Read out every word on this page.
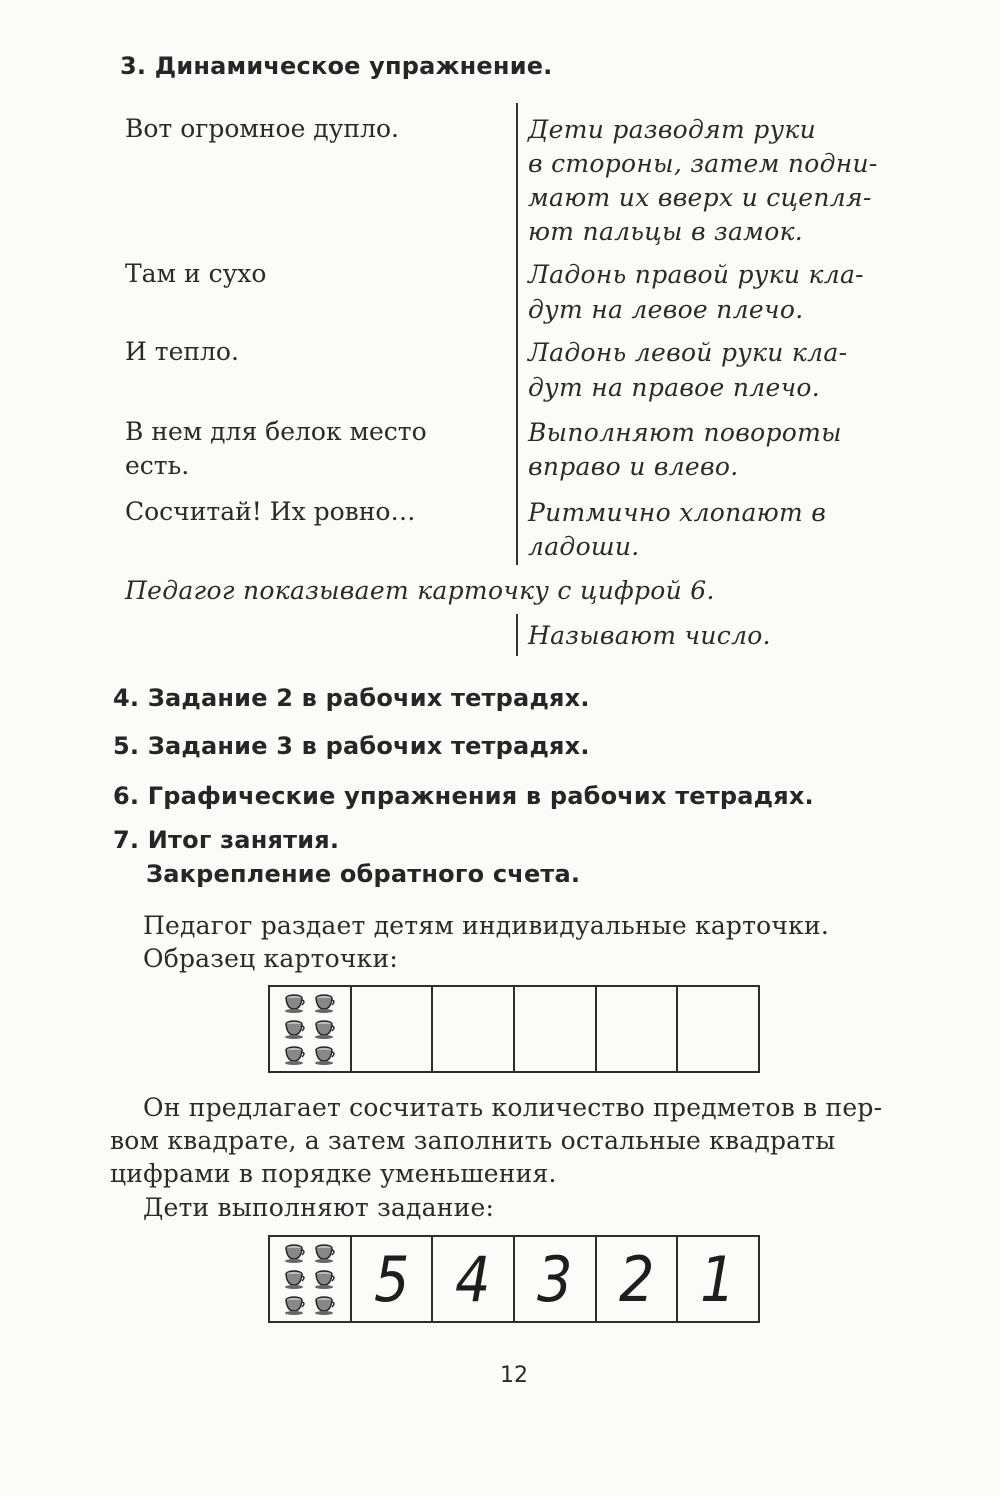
3. Динамическое упражнение.
Вот огромное дупло.
Там и сухо
И тепло.
В нем для белок место
есть.
Сосчитай! Их ровно…
Дети разводят руки
в стороны, затем подни-
мают их вверх и сцепля-
ют пальцы в замок.
Ладонь правой руки кла-
дут на левое плечо.
Ладонь левой руки кла-
дут на правое плечо.
Выполняют повороты
вправо и влево.
Ритмично хлопают в
ладоши.
Педагог показывает карточку с цифрой 6.
Называют число.
4. Задание 2 в рабочих тетрадях.
5. Задание 3 в рабочих тетрадях.
6. Графические упражнения в рабочих тетрадях.
7. Итог занятия.
Закрепление обратного счета.
Педагог раздает детям индивидуальные карточки.
Образец карточки:
Он предлагает сосчитать количество предметов в пер-
вом квадрате, а затем заполнить остальные квадраты
цифрами в порядке уменьшения.
Дети выполняют задание:
5 4 3 2 1
12
